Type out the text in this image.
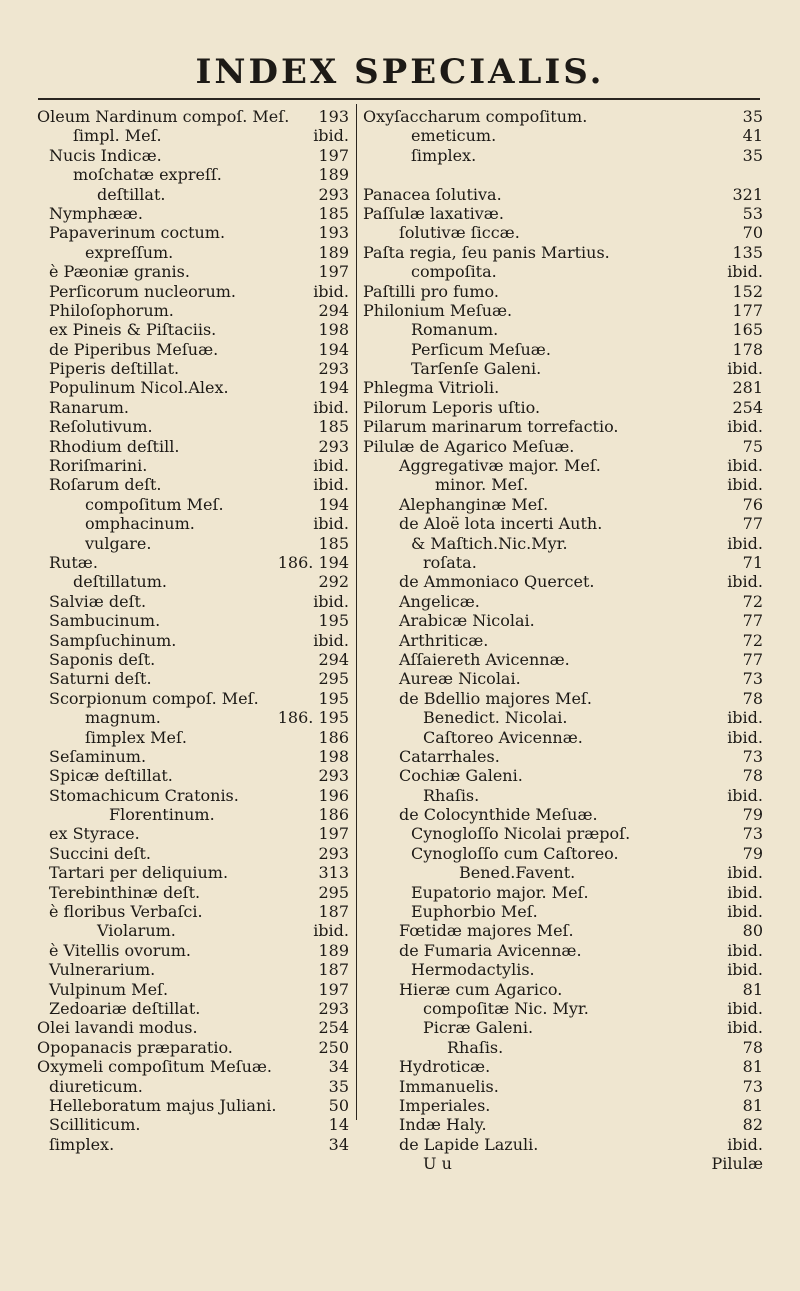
INDEX SPECIALIS.
Oleum Nardinum compoſ. Meſ. 193
ſimpl. Meſ.	ibid.
Nucis Indicæ.	197
moſchatæ expreſſ.	189
deſtillat.	293
Nymphææ.	185
Papaverinum coctum.	193
expreſſum.	189
è Pæoniæ granis.	197
Perſicorum nucleorum.	ibid.
Philoſophorum.	294
ex Pineis & Piſtaciis.	198
de Piperibus Meſuæ.	194
Piperis deſtillat.	293
Populinum Nicol.Alex.	194
Ranarum.	ibid.
Reſolutivum.	185
Rhodium deſtill.	293
Roriſmarini.	ibid.
Roſarum deſt.	ibid.
compoſitum Meſ.	194
omphacinum.	ibid.
vulgare.	185
Rutæ.	186. 194
deſtillatum.	292
Salviæ deſt.	ibid.
Sambucinum.	195
Sampſuchinum.	ibid.
Saponis deſt.	294
Saturni deſt.	295
Scorpionum compoſ. Meſ.	195
magnum.	186. 195
ſimplex Meſ.	186
Seſaminum.	198
Spicæ deſtillat.	293
Stomachicum Cratonis.	196
Florentinum.	186
ex Styrace.	197
Succini deſt.	293
Tartari per deliquium.	313
Terebinthinæ deſt.	295
è floribus Verbaſci.	187
Violarum.	ibid.
è Vitellis ovorum.	189
Vulnerarium.	187
Vulpinum Meſ.	197
Zedoariæ deſtillat.	293
Olei lavandi modus.	254
Opopanacis præparatio.	250
Oxymeli compoſitum Meſuæ.	34
diureticum.	35
Helleboratum majus Juliani.	50
Scilliticum.	14
ſimplex.	34
Oxyſaccharum compoſitum.	35
emeticum.	41
ſimplex.	35
Panacea ſolutiva.	321
Paſſulæ laxativæ.	53
ſolutivæ ſiccæ.	70
Paſta regia, ſeu panis Martius.	135
compoſita.	ibid.
Paſtilli pro fumo.	152
Philonium Meſuæ.	177
Romanum.	165
Perſicum Meſuæ.	178
Tarſenſe Galeni.	ibid.
Phlegma Vitrioli.	281
Pilorum Leporis uſtio.	254
Pilarum marinarum torrefactio.	ibid.
Pilulæ de Agarico Meſuæ.	75
Aggregativæ major. Meſ.	ibid.
minor. Meſ.	ibid.
Alephanginæ Meſ.	76
de Aloë lota incerti Auth.	77
& Maſtich.Nic.Myr.	ibid.
roſata.	71
de Ammoniaco Quercet.	ibid.
Angelicæ.	72
Arabicæ Nicolai.	77
Arthriticæ.	72
Aſſaiereth Avicennæ.	77
Aureæ Nicolai.	73
de Bdellio majores Meſ.	78
Benedict. Nicolai.	ibid.
Caſtoreo Avicennæ.	ibid.
Catarrhales.	73
Cochiæ Galeni.	78
Rhaſis.	ibid.
de Colocynthide Meſuæ.	79
Cynogloſſo Nicolai præpoſ.	73
Cynogloſſo cum Caſtoreo.	79
Bened.Favent.	ibid.
Eupatorio major. Meſ.	ibid.
Euphorbio Meſ.	ibid.
Fœtidæ majores Meſ.	80
de Fumaria Avicennæ.	ibid.
Hermodactylis.	ibid.
Hieræ cum Agarico.	81
compoſitæ Nic. Myr.	ibid.
Picræ Galeni.	ibid.
Rhaſis.	78
Hydroticæ.	81
Immanuelis.	73
Imperiales.	81
Indæ Haly.	82
de Lapide Lazuli.	ibid.
U u	Pilulæ
